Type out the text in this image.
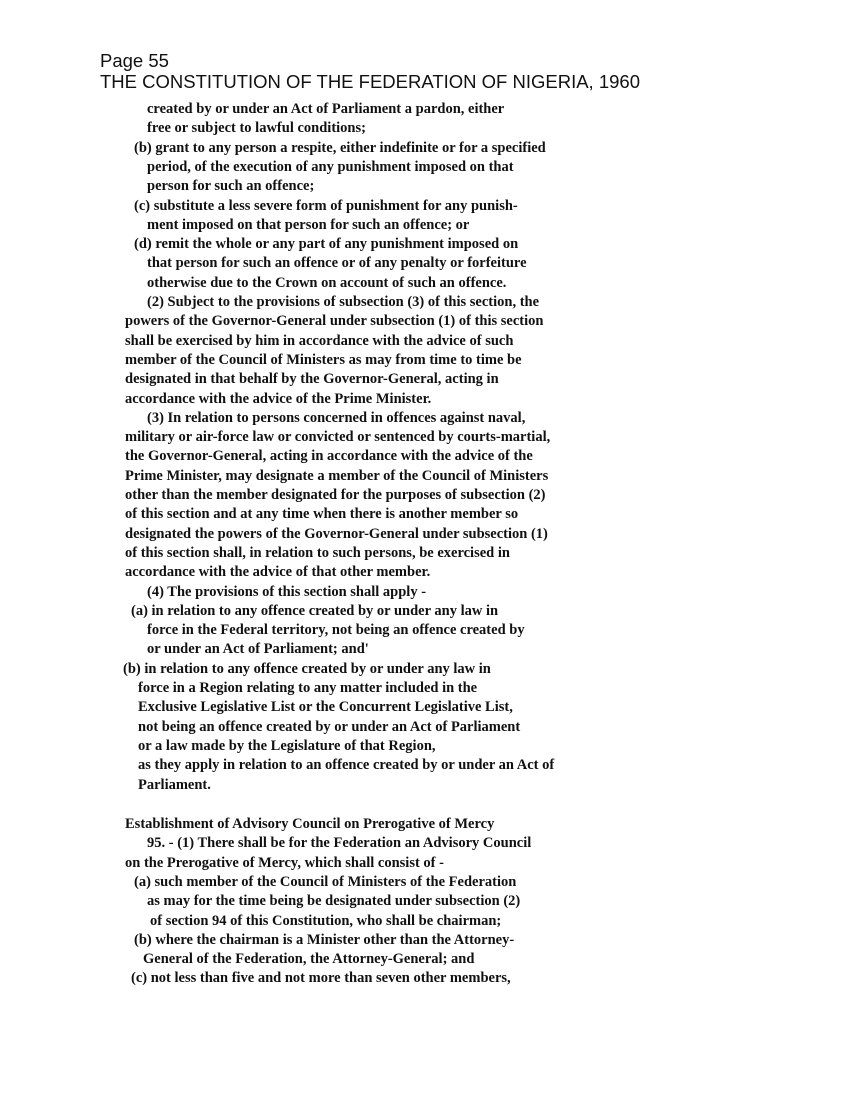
Page 55
THE CONSTITUTION OF THE FEDERATION OF NIGERIA, 1960
created by or under an Act of Parliament a pardon, either
free or subject to lawful conditions;
(b) grant to any person a respite, either indefinite or for a specified
period, of the execution of any punishment imposed on that
person for such an offence;
(c) substitute a less severe form of punishment for any punish-
ment imposed on that person for such an offence; or
(d) remit the whole or any part of any punishment imposed on
that person for such an offence or of any penalty or forfeiture
otherwise due to the Crown on account of such an offence.
(2) Subject to the provisions of subsection (3) of this section, the
powers of the Governor-General under subsection (1) of this section
shall be exercised by him in accordance with the advice of such
member of the Council of Ministers as may from time to time be
designated in that behalf by the Governor-General, acting in
accordance with the advice of the Prime Minister.
(3) In relation to persons concerned in offences against naval,
military or air-force law or convicted or sentenced by courts-martial,
the Governor-General, acting in accordance with the advice of the
Prime Minister, may designate a member of the Council of Ministers
other than the member designated for the purposes of subsection (2)
of this section and at any time when there is another member so
designated the powers of the Governor-General under subsection (1)
of this section shall, in relation to such persons, be exercised in
accordance with the advice of that other member.
(4) The provisions of this section shall apply -
(a) in relation to any offence created by or under any law in
force in the Federal territory, not being an offence created by
or under an Act of Parliament; and'
(b) in relation to any offence created by or under any law in
force in a Region relating to any matter included in the
Exclusive Legislative List or the Concurrent Legislative List,
not being an offence created by or under an Act of Parliament
or a law made by the Legislature of that Region,
as they apply in relation to an offence created by or under an Act of
Parliament.
Establishment of Advisory Council on Prerogative of Mercy
95. - (1) There shall be for the Federation an Advisory Council
on the Prerogative of Mercy, which shall consist of -
(a) such member of the Council of Ministers of the Federation
as may for the time being be designated under subsection (2)
of section 94 of this Constitution, who shall be chairman;
(b) where the chairman is a Minister other than the Attorney-
General of the Federation, the Attorney-General; and
(c) not less than five and not more than seven other members,
